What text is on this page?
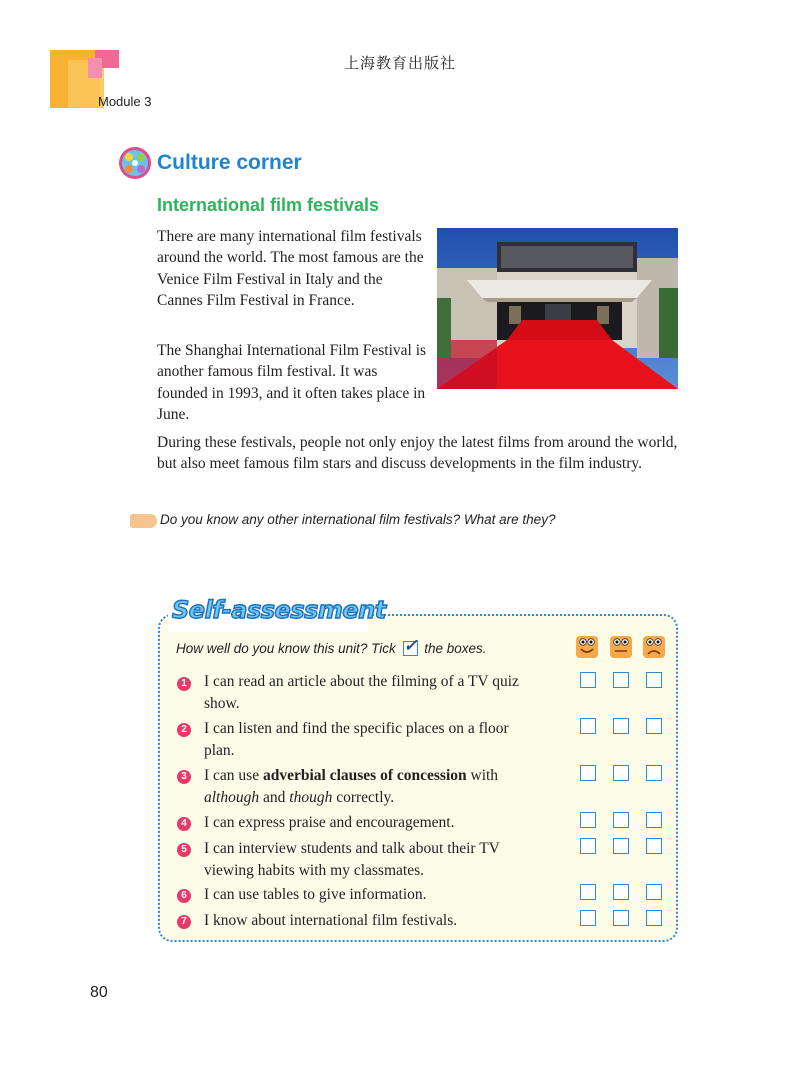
上海教育出版社
Module 3
Culture corner
International film festivals
There are many international film festivals around the world. The most famous are the Venice Film Festival in Italy and the Cannes Film Festival in France.
The Shanghai International Film Festival is another famous film festival. It was founded in 1993, and it often takes place in June.
During these festivals, people not only enjoy the latest films from around the world, but also meet famous film stars and discuss developments in the film industry.
Do you know any other international film festivals? What are they?
Self-assessment
How well do you know this unit? Tick ✓ the boxes.
1 I can read an article about the filming of a TV quiz
show.
2 I can listen and find the specific places on a floor
plan.
3 I can use adverbial clauses of concession with
although and though correctly.
4 I can express praise and encouragement.
5 I can interview students and talk about their TV
viewing habits with my classmates.
6 I can use tables to give information.
7 I know about international film festivals.
80
